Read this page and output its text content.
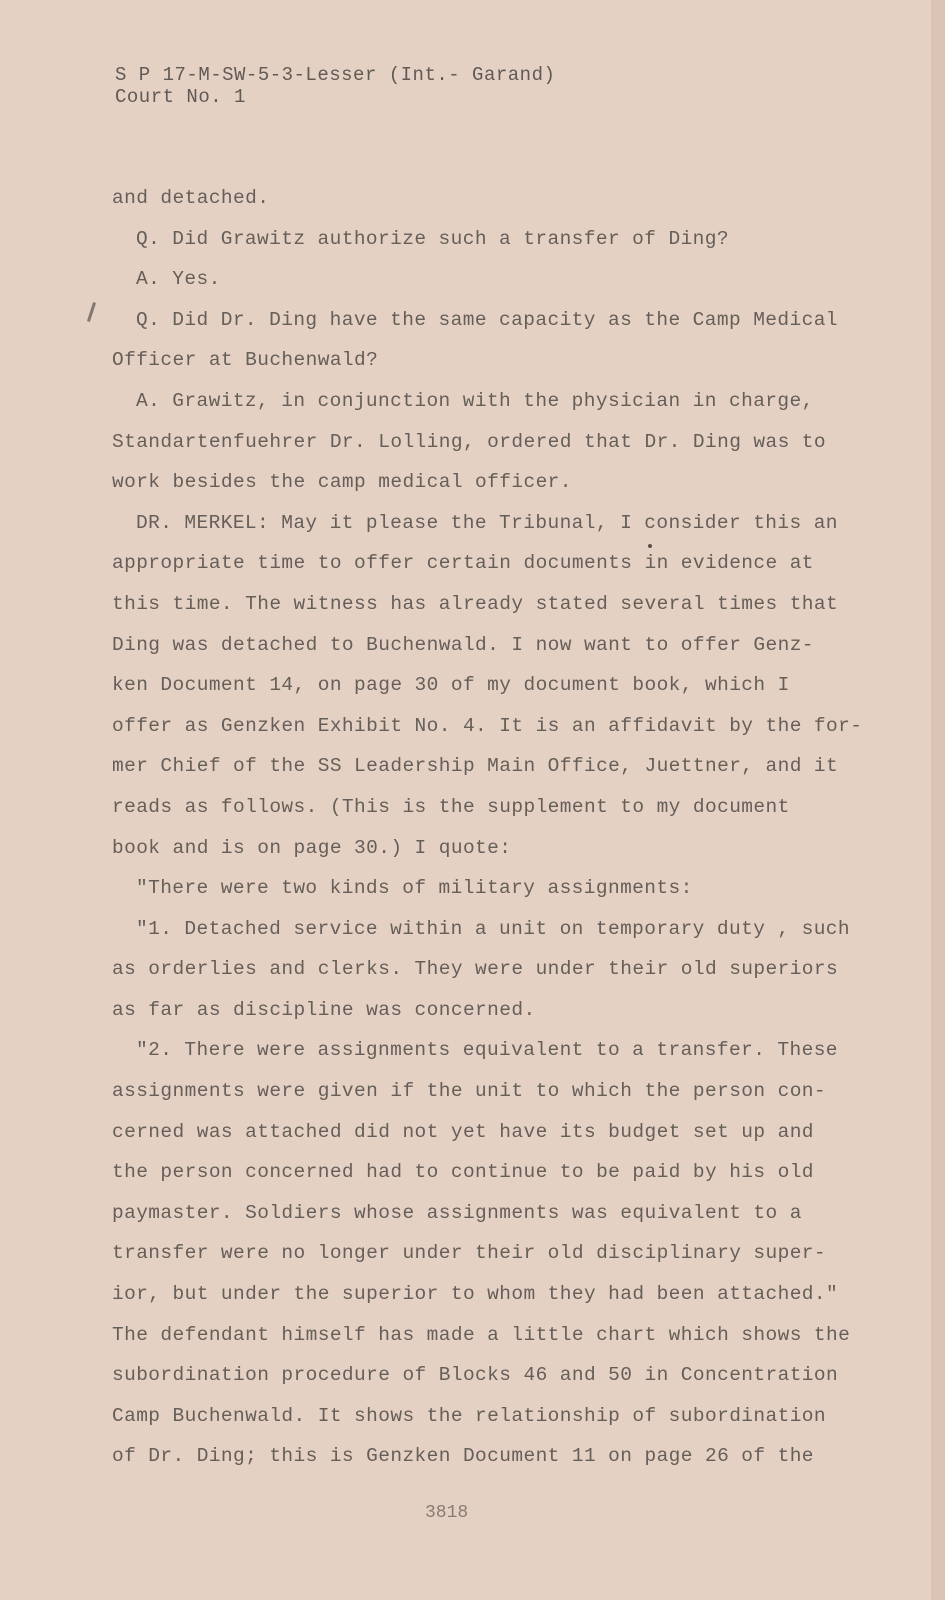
S P 17-M-SW-5-3-Lesser (Int.- Garand)
Court No. 1
and detached.
Q. Did Grawitz authorize such a transfer of Ding?
A. Yes.
Q. Did Dr. Ding have the same capacity as the Camp Medical
Officer at Buchenwald?
A. Grawitz, in conjunction with the physician in charge,
Standartenfuehrer Dr. Lolling, ordered that Dr. Ding was to
work besides the camp medical officer.
DR. MERKEL: May it please the Tribunal, I consider this an
appropriate time to offer certain documents in evidence at
this time. The witness has already stated several times that
Ding was detached to Buchenwald. I now want to offer Genz-
ken Document 14, on page 30 of my document book, which I
offer as Genzken Exhibit No. 4. It is an affidavit by the for-
mer Chief of the SS Leadership Main Office, Juettner, and it
reads as follows. (This is the supplement to my document
book and is on page 30.) I quote:
"There were two kinds of military assignments:
"1. Detached service within a unit on temporary duty , such
as orderlies and clerks. They were under their old superiors
as far as discipline was concerned.
"2. There were assignments equivalent to a transfer. These
assignments were given if the unit to which the person con-
cerned was attached did not yet have its budget set up and
the person concerned had to continue to be paid by his old
paymaster. Soldiers whose assignments was equivalent to a
transfer were no longer under their old disciplinary super-
ior, but under the superior to whom they had been attached."
The defendant himself has made a little chart which shows the
subordination procedure of Blocks 46 and 50 in Concentration
Camp Buchenwald. It shows the relationship of subordination
of Dr. Ding; this is Genzken Document 11 on page 26 of the
3818
